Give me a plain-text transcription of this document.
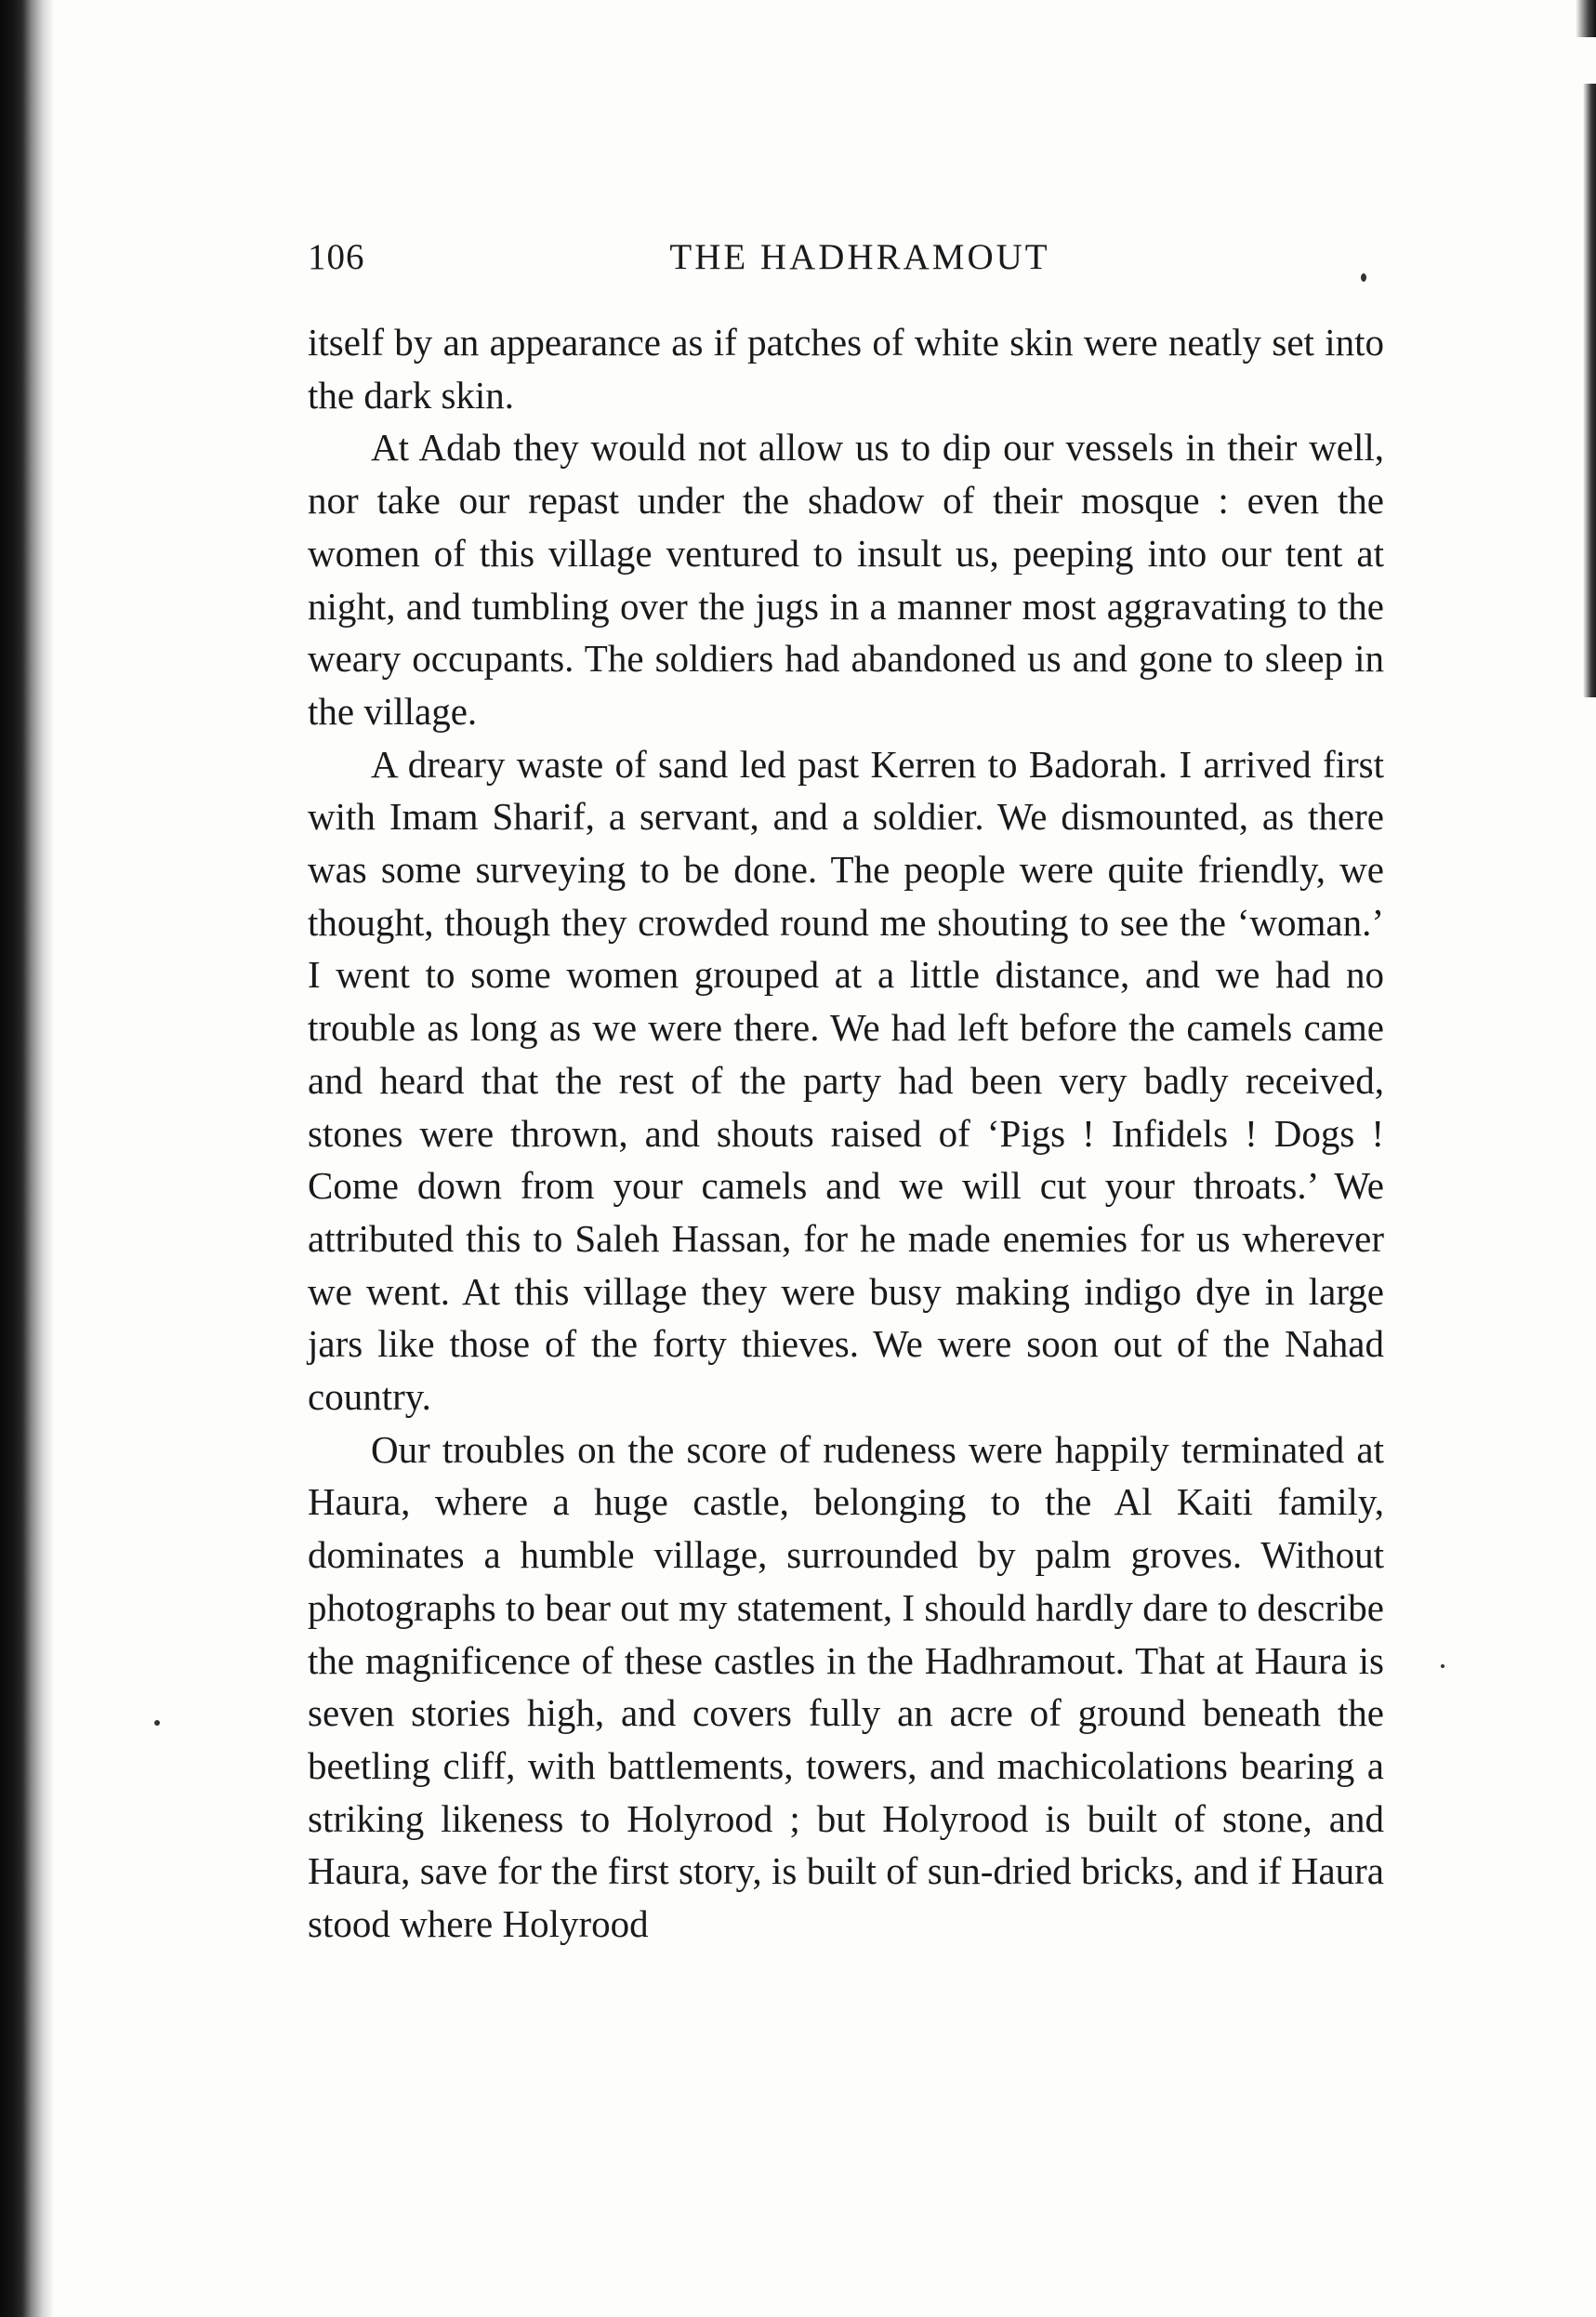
106	THE HADHRAMOUT

itself by an appearance as if patches of white skin were neatly set into the dark skin.

At Adab they would not allow us to dip our vessels in their well, nor take our repast under the shadow of their mosque : even the women of this village ventured to insult us, peeping into our tent at night, and tumbling over the jugs in a manner most aggravating to the weary occupants. The soldiers had abandoned us and gone to sleep in the village.

A dreary waste of sand led past Kerren to Badorah. I arrived first with Imam Sharif, a servant, and a soldier. We dismounted, as there was some surveying to be done. The people were quite friendly, we thought, though they crowded round me shouting to see the ‘woman.’ I went to some women grouped at a little distance, and we had no trouble as long as we were there. We had left before the camels came and heard that the rest of the party had been very badly received, stones were thrown, and shouts raised of ‘Pigs ! Infidels ! Dogs ! Come down from your camels and we will cut your throats.’ We attributed this to Saleh Hassan, for he made enemies for us wherever we went. At this village they were busy making indigo dye in large jars like those of the forty thieves. We were soon out of the Nahad country.

Our troubles on the score of rudeness were happily terminated at Haura, where a huge castle, belonging to the Al Kaiti family, dominates a humble village, surrounded by palm groves. Without photographs to bear out my statement, I should hardly dare to describe the magnificence of these castles in the Hadhramout. That at Haura is seven stories high, and covers fully an acre of ground beneath the beetling cliff, with battlements, towers, and machicolations bearing a striking likeness to Holyrood ; but Holyrood is built of stone, and Haura, save for the first story, is built of sun-dried bricks, and if Haura stood where Holyrood
